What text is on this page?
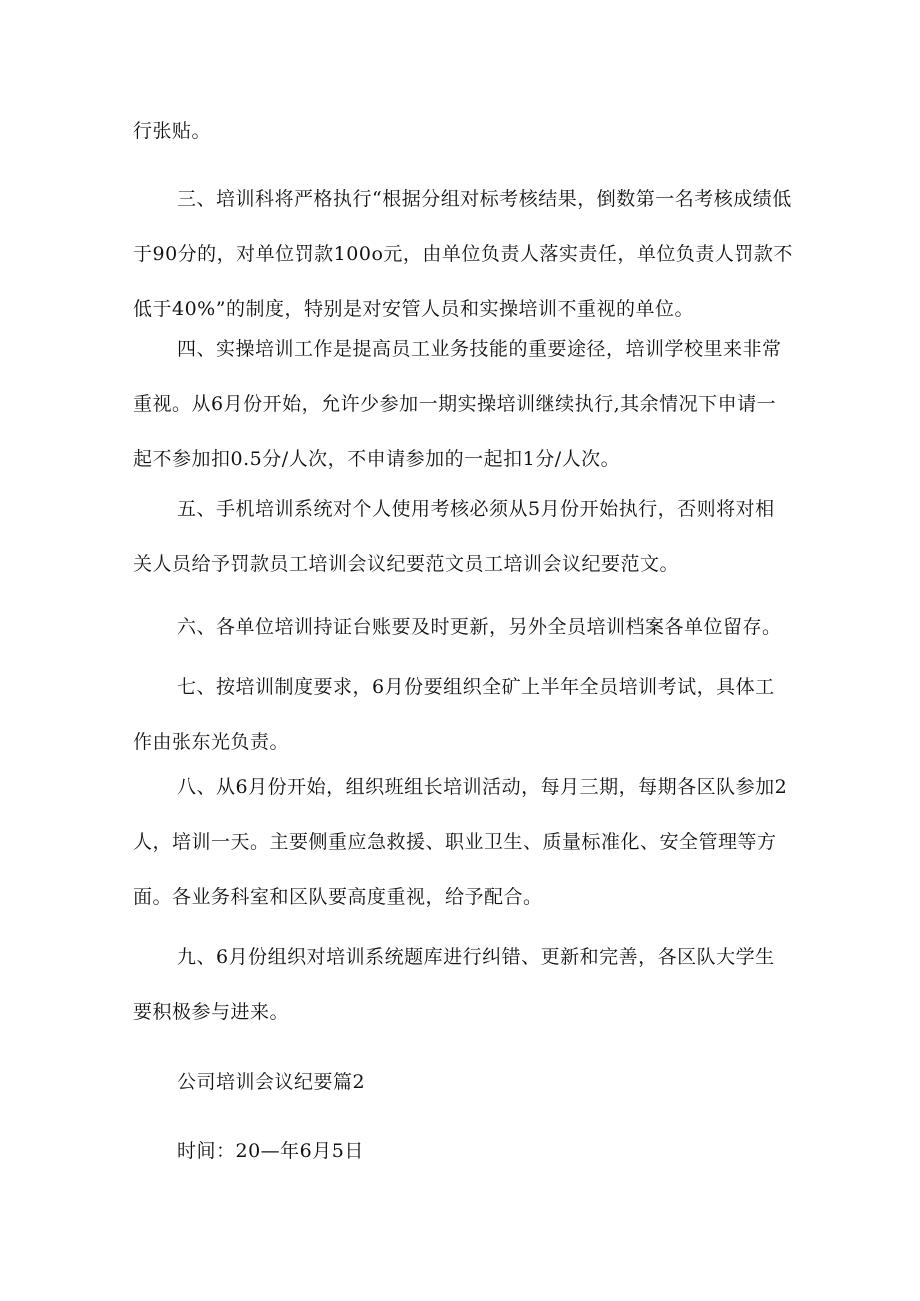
行张贴。

三、培训科将严格执行“根据分组对标考核结果，倒数第一名考核成绩低于90分的，对单位罚款100o元，由单位负责人落实责任，单位负责人罚款不低于40%”的制度，特别是对安管人员和实操培训不重视的单位。

四、实操培训工作是提高员工业务技能的重要途径，培训学校里来非常重视。从6月份开始，允许少参加一期实操培训继续执行,其余情况下申请一起不参加扣0.5分/人次，不申请参加的一起扣1分/人次。

五、手机培训系统对个人使用考核必须从5月份开始执行，否则将对相关人员给予罚款员工培训会议纪要范文员工培训会议纪要范文。

六、各单位培训持证台账要及时更新，另外全员培训档案各单位留存。

七、按培训制度要求，6月份要组织全矿上半年全员培训考试，具体工作由张东光负责。

八、从6月份开始，组织班组长培训活动，每月三期，每期各区队参加2人，培训一天。主要侧重应急救援、职业卫生、质量标准化、安全管理等方面。各业务科室和区队要高度重视，给予配合。

九、6月份组织对培训系统题库进行纠错、更新和完善，各区队大学生要积极参与进来。

公司培训会议纪要篇2

时间：20—年6月5日
